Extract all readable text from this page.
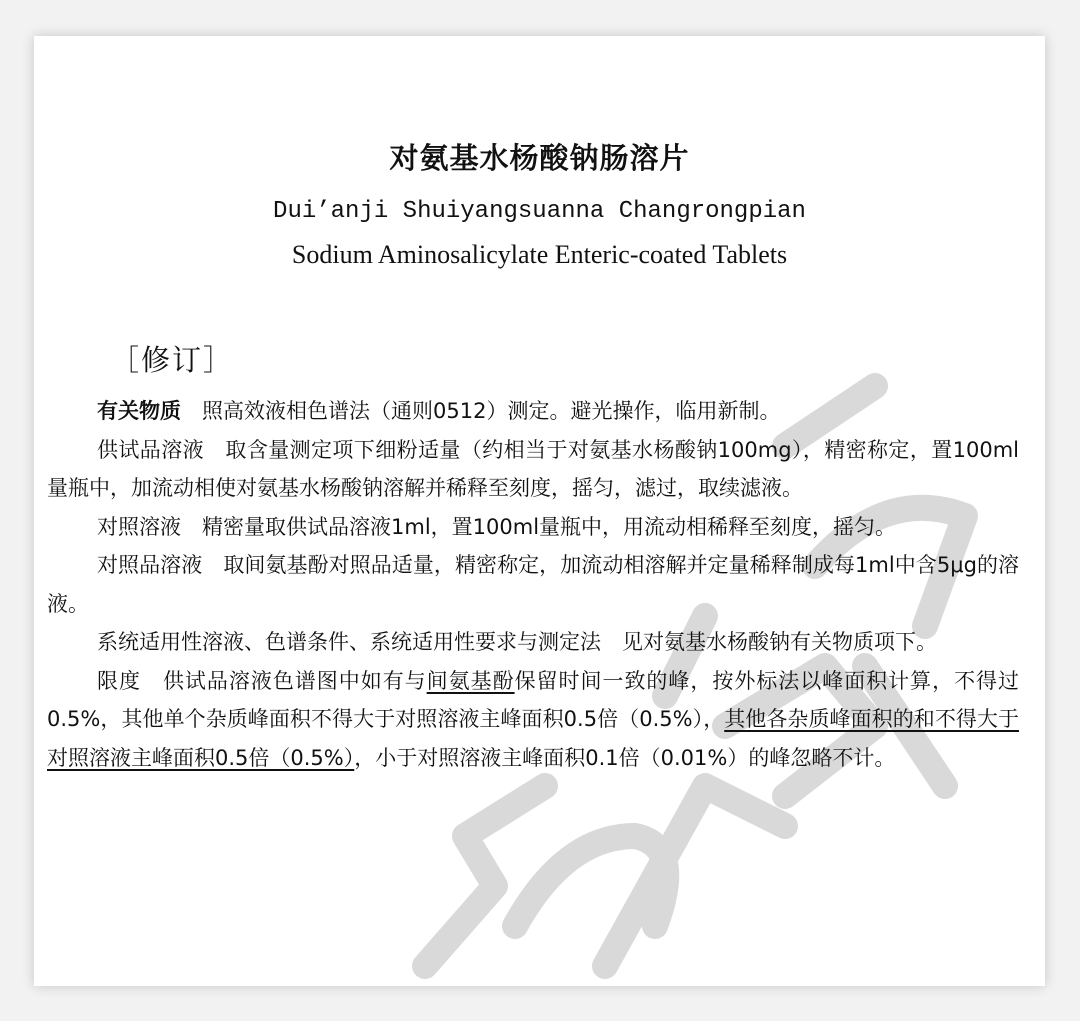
对氨基水杨酸钠肠溶片
Dui’anji Shuiyangsuanna Changrongpian
Sodium Aminosalicylate Enteric-coated Tablets
［修订］

有关物质　 照高效液相色谱法（通则0512）测定。避光操作，临用新制。

供试品溶液　 取含量测定项下细粉适量（约相当于对氨基水杨酸钠100mg），精密称定，置100ml量瓶中，加流动相使对氨基水杨酸钠溶解并稀释至刻度，摇匀，滤过，取续滤液。

对照溶液　 精密量取供试品溶液1ml，置100ml量瓶中，用流动相稀释至刻度，摇匀。

对照品溶液　 取间氨基酚对照品适量，精密称定，加流动相溶解并定量稀释制成每1ml中含5μg的溶液。

系统适用性溶液、色谱条件、系统适用性要求与测定法　 见对氨基水杨酸钠有关物质项下。

限度　 供试品溶液色谱图中如有与间氨基酚保留时间一致的峰，按外标法以峰面积计算，不得过0.5%，其他单个杂质峰面积不得大于对照溶液主峰面积0.5倍（0.5%），其他各杂质峰面积的和不得大于对照溶液主峰面积0.5倍（0.5%），小于对照溶液主峰面积0.1倍（0.01%）的峰忽略不计。
